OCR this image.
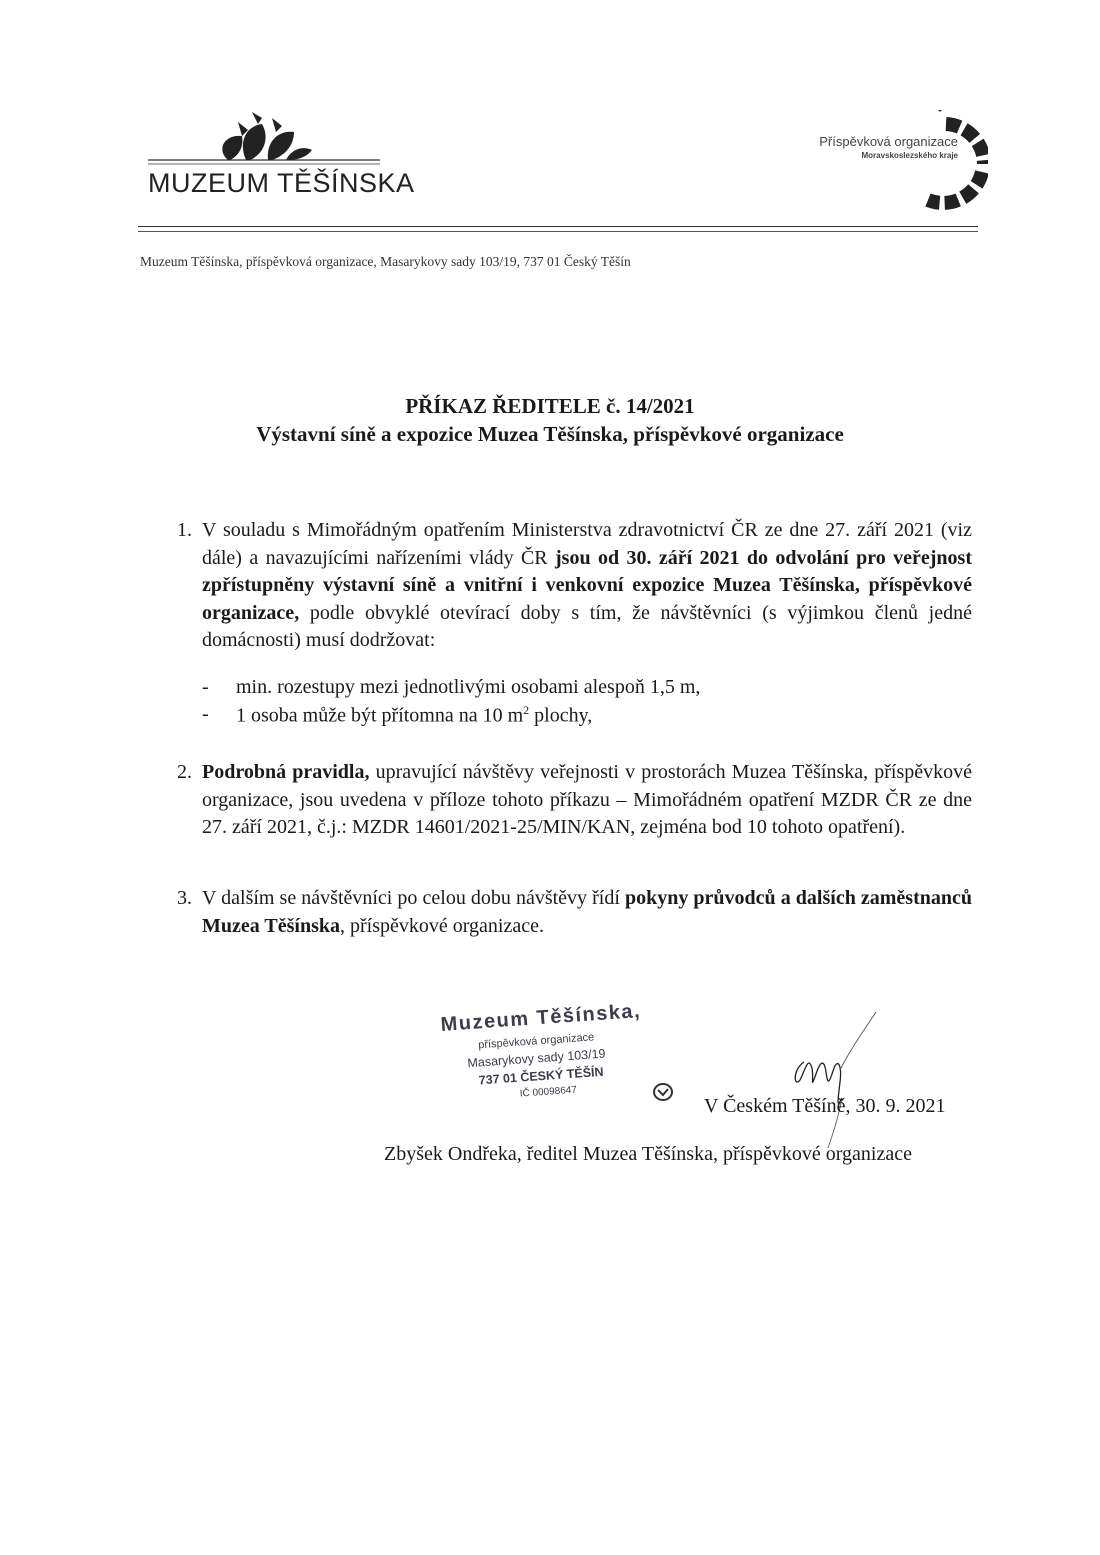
MUZEUM TĚŠÍNSKA
Příspěvková organizace
Moravskoslezského kraje
Muzeum Těšínska, příspěvková organizace, Masarykovy sady 103/19, 737 01 Český Těšín
PŘÍKAZ ŘEDITELE č. 14/2021
Výstavní síně a expozice Muzea Těšínska, příspěvkové organizace
1. V souladu s Mimořádným opatřením Ministerstva zdravotnictví ČR ze dne 27. září 2021 (viz dále) a navazujícími nařízeními vlády ČR jsou od 30. září 2021 do odvolání pro veřejnost zpřístupněny výstavní síně a vnitřní i venkovní expozice Muzea Těšínska, příspěvkové organizace, podle obvyklé otevírací doby s tím, že návštěvníci (s výjimkou členů jedné domácnosti) musí dodržovat:
- min. rozestupy mezi jednotlivými osobami alespoň 1,5 m,
- 1 osoba může být přítomna na 10 $m^2$ plochy,
2. Podrobná pravidla, upravující návštěvy veřejnosti v prostorách Muzea Těšínska, příspěvkové organizace, jsou uvedena v příloze tohoto příkazu – Mimořádném opatření MZDR ČR ze dne 27. září 2021, č.j.: MZDR 14601/2021-25/MIN/KAN, zejména bod 10 tohoto opatření).
3. V dalším se návštěvníci po celou dobu návštěvy řídí pokyny průvodců a dalších zaměstnanců Muzea Těšínska, příspěvkové organizace.
Muzeum Těšínska,
příspěvková organizace
Masarykovy sady 103/19
737 01 ČESKÝ TĚŠÍN
IČ 00098647
V Českém Těšíně, 30. 9. 2021
Zbyšek Ondřeka, ředitel Muzea Těšínska, příspěvkové organizace
